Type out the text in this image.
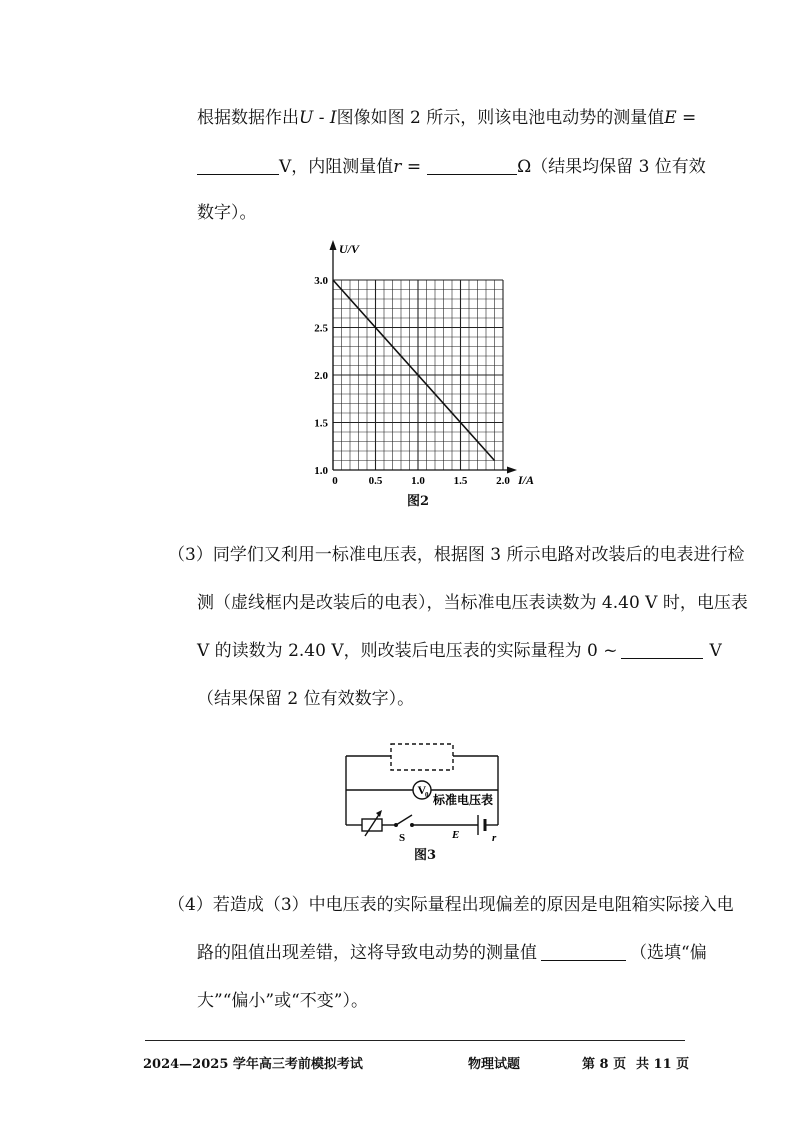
根据数据作出U - I图像如图 2 所示，则该电池电动势的测量值E =
V，内阻测量值r =	Ω（结果均保留 3 位有效
数字）。
0	0.5	1.0	1.5	2.0
1.0
1.5
2.0
2.5
3.0
U/V
I/A
图2
（3）同学们又利用一标准电压表，根据图 3 所示电路对改装后的电表进行检
测（虚线框内是改装后的电表），当标准电压表读数为 4.40 V 时，电压表
V 的读数为 2.40 V，则改装后电压表的实际量程为 0 ~	V
（结果保留 2 位有效数字）。
V
0 标准电压表
S	E	r
图3
（4）若造成（3）中电压表的实际量程出现偏差的原因是电阻箱实际接入电
路的阻值出现差错，这将导致电动势的测量值	（选填“偏
大”“偏小”或“不变”）。
2024—2025 学年高三考前模拟考试	物理试题	第 8 页 共 11 页
